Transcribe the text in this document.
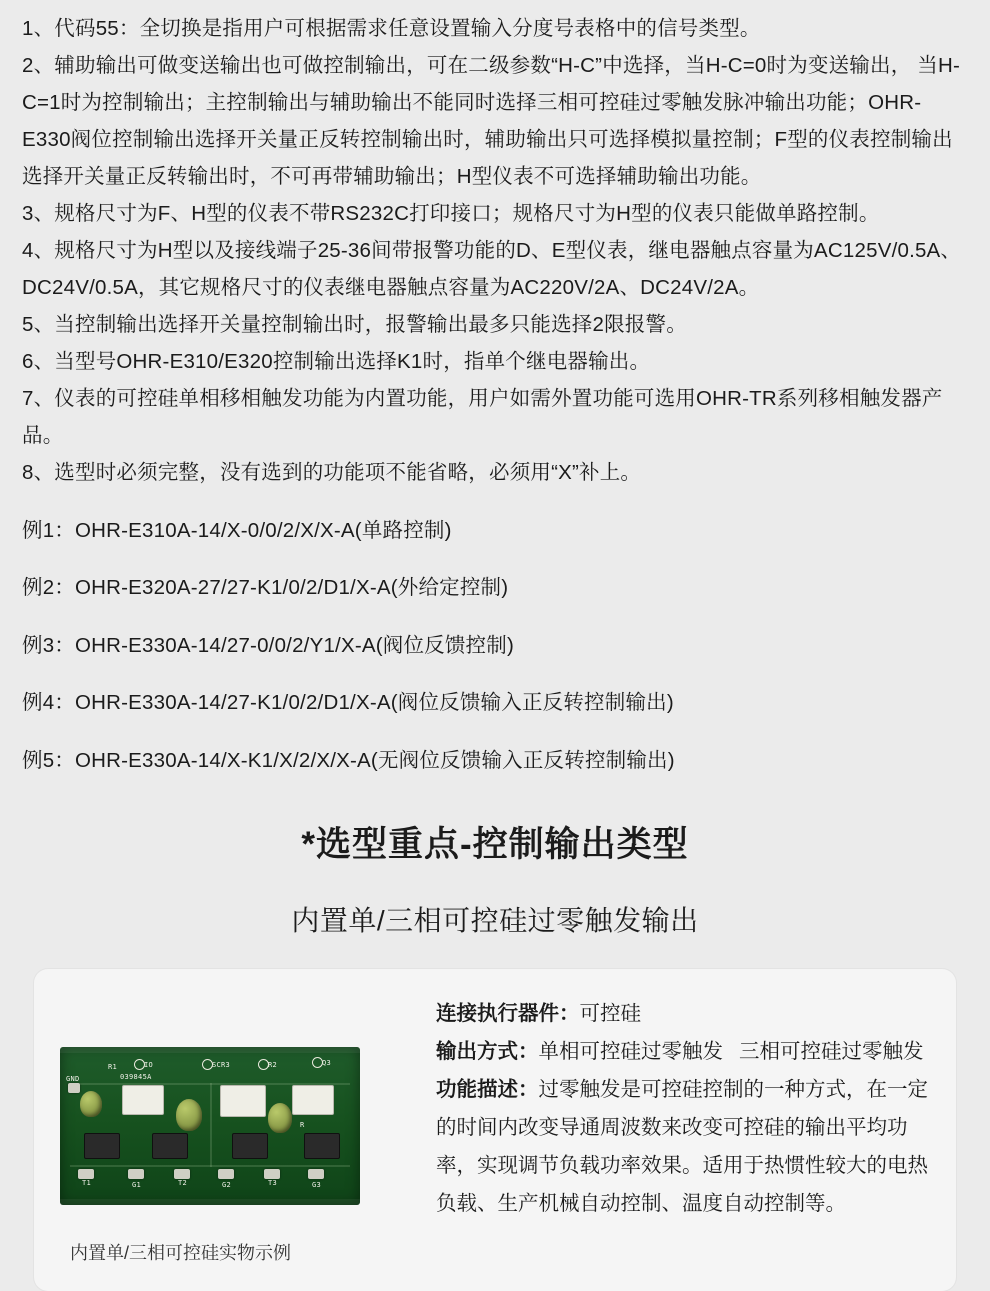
1、代码55：全切换是指用户可根据需求任意设置输入分度号表格中的信号类型。

2、辅助输出可做变送输出也可做控制输出，可在二级参数“H-C”中选择，当H-C=0时为变送输出， 当H-C=1时为控制输出；主控制输出与辅助输出不能同时选择三相可控硅过零触发脉冲输出功能；OHR-E330阀位控制输出选择开关量正反转控制输出时，辅助输出只可选择模拟量控制；F型的仪表控制输出选择开关量正反转输出时，不可再带辅助输出；H型仪表不可选择辅助输出功能。

3、规格尺寸为F、H型的仪表不带RS232C打印接口；规格尺寸为H型的仪表只能做单路控制。

4、规格尺寸为H型以及接线端子25-36间带报警功能的D、E型仪表，继电器触点容量为AC125V/0.5A、 DC24V/0.5A，其它规格尺寸的仪表继电器触点容量为AC220V/2A、DC24V/2A。

5、当控制输出选择开关量控制输出时，报警输出最多只能选择2限报警。

6、当型号OHR-E310/E320控制输出选择K1时，指单个继电器输出。

7、仪表的可控硅单相移相触发功能为内置功能，用户如需外置功能可选用OHR-TR系列移相触发器产品。

8、选型时必须完整，没有选到的功能项不能省略，必须用“X”补上。

例1：OHR-E310A-14/X-0/0/2/X/X-A(单路控制)

例2：OHR-E320A-27/27-K1/0/2/D1/X-A(外给定控制)

例3：OHR-E330A-14/27-0/0/2/Y1/X-A(阀位反馈控制)

例4：OHR-E330A-14/27-K1/0/2/D1/X-A(阀位反馈输入正反转控制输出)

例5：OHR-E330A-14/X-K1/X/2/X/X-A(无阀位反馈输入正反转控制输出)

*选型重点-控制输出类型
内置单/三相可控硅过零触发输出
GND
R1	IO
039845A
SCR3	R2	Q3
R
T1	G1	T2	G2	T3	G3
内置单/三相可控硅实物示例
连接执行器件：可控硅
输出方式：单相可控硅过零触发 三相可控硅过零触发
功能描述：过零触发是可控硅控制的一种方式，在一定的时间内改变导通周波数来改变可控硅的输出平均功率，实现调节负载功率效果。适用于热惯性较大的电热负载、生产机械自动控制、温度自动控制等。
